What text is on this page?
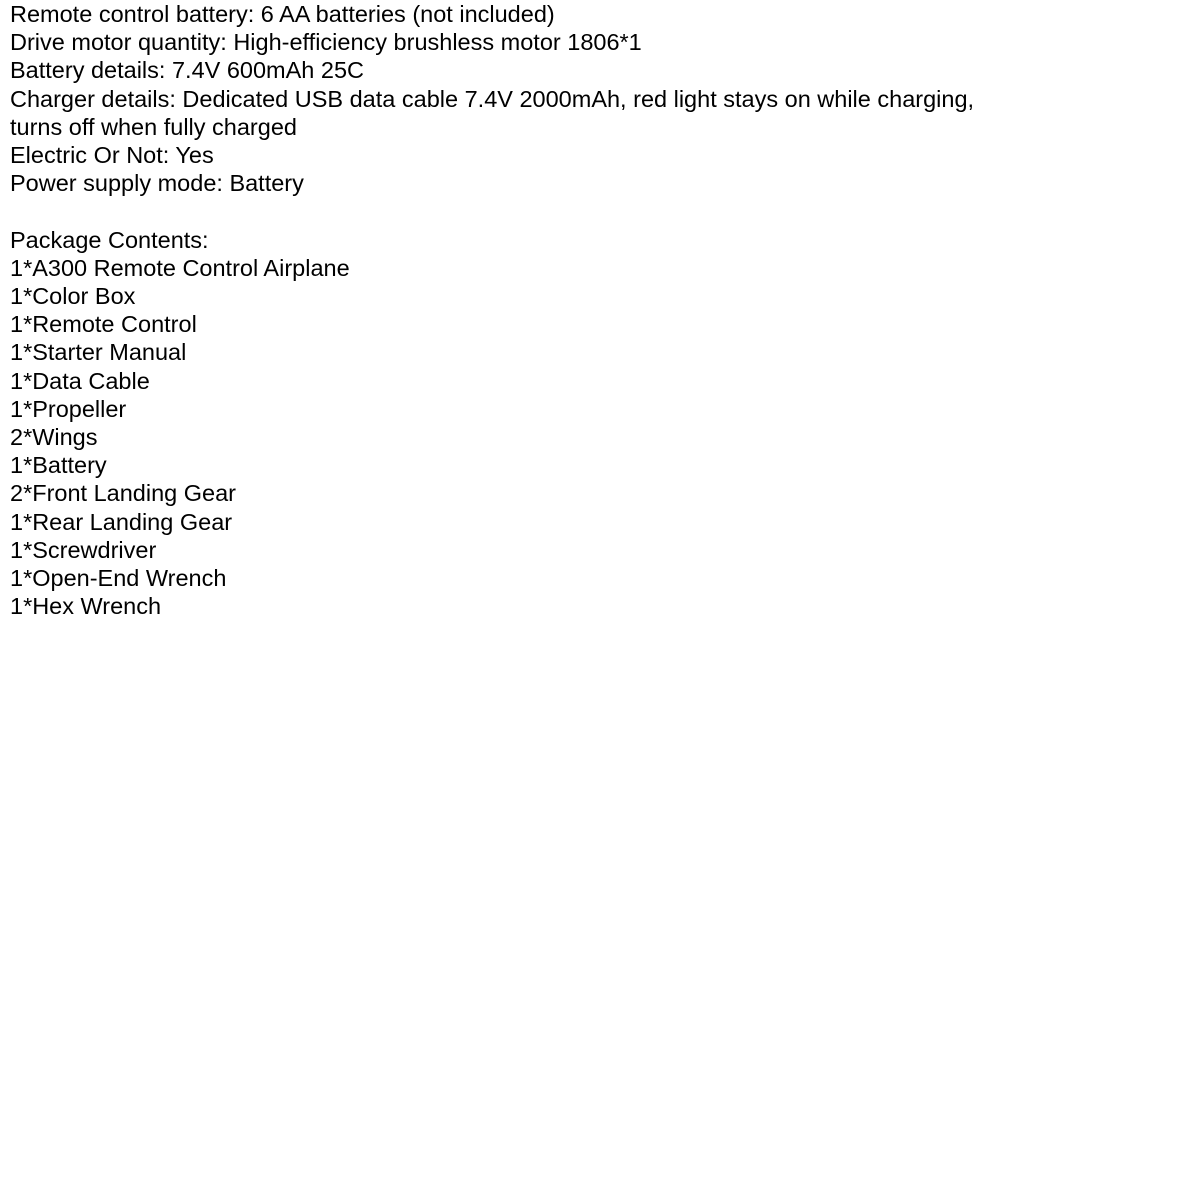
Remote control battery: 6 AA batteries (not included)
Drive motor quantity: High-efficiency brushless motor 1806*1
Battery details: 7.4V 600mAh 25C
Charger details: Dedicated USB data cable 7.4V 2000mAh, red light stays on while charging,
turns off when fully charged
Electric Or Not: Yes
Power supply mode: Battery
Package Contents:
1*A300 Remote Control Airplane
1*Color Box
1*Remote Control
1*Starter Manual
1*Data Cable
1*Propeller
2*Wings
1*Battery
2*Front Landing Gear
1*Rear Landing Gear
1*Screwdriver
1*Open-End Wrench
1*Hex Wrench
